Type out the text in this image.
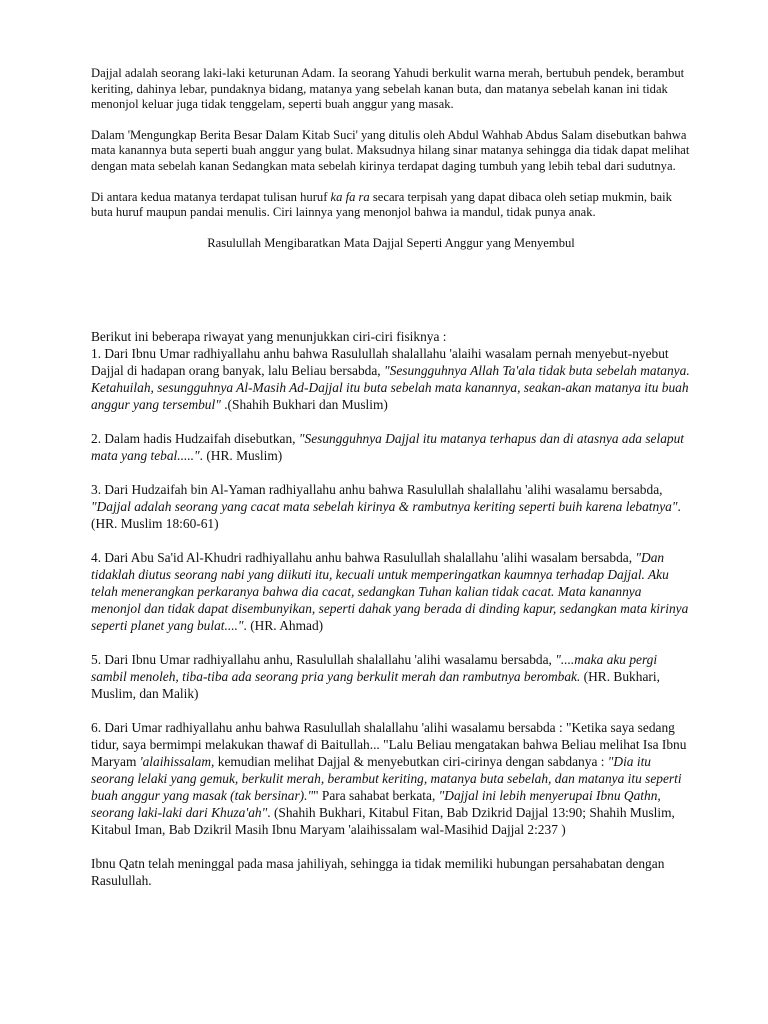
Dajjal adalah seorang laki-laki keturunan Adam. Ia seorang Yahudi berkulit warna merah, bertubuh pendek, berambut keriting, dahinya lebar, pundaknya bidang, matanya yang sebelah kanan buta, dan matanya sebelah kanan ini tidak menonjol keluar juga tidak tenggelam, seperti buah anggur yang masak.

Dalam 'Mengungkap Berita Besar Dalam Kitab Suci' yang ditulis oleh Abdul Wahhab Abdus Salam disebutkan bahwa mata kanannya buta seperti buah anggur yang bulat. Maksudnya hilang sinar matanya sehingga dia tidak dapat melihat dengan mata sebelah kanan Sedangkan mata sebelah kirinya terdapat daging tumbuh yang lebih tebal dari sudutnya.

Di antara kedua matanya terdapat tulisan huruf ka fa ra secara terpisah yang dapat dibaca oleh setiap mukmin, baik buta huruf maupun pandai menulis. Ciri lainnya yang menonjol bahwa ia mandul, tidak punya anak.

Rasulullah Mengibaratkan Mata Dajjal Seperti Anggur yang Menyembul

Berikut ini beberapa riwayat yang menunjukkan ciri-ciri fisiknya :
1. Dari Ibnu Umar radhiyallahu anhu bahwa Rasulullah shalallahu 'alaihi wasalam pernah menyebut-nyebut Dajjal di hadapan orang banyak, lalu Beliau bersabda, "Sesungguhnya Allah Ta'ala tidak buta sebelah matanya. Ketahuilah, sesungguhnya Al-Masih Ad-Dajjal itu buta sebelah mata kanannya, seakan-akan matanya itu buah anggur yang tersembul" .(Shahih Bukhari dan Muslim)

2. Dalam hadis Hudzaifah disebutkan, "Sesungguhnya Dajjal itu matanya terhapus dan di atasnya ada selaput mata yang tebal.....". (HR. Muslim)

3. Dari Hudzaifah bin Al-Yaman radhiyallahu anhu bahwa Rasulullah shalallahu 'alihi wasalamu bersabda, "Dajjal adalah seorang yang cacat mata sebelah kirinya & rambutnya keriting seperti buih karena lebatnya".(HR. Muslim 18:60-61)

4. Dari Abu Sa'id Al-Khudri radhiyallahu anhu bahwa Rasulullah shalallahu 'alihi wasalam bersabda, "Dan tidaklah diutus seorang nabi yang diikuti itu, kecuali untuk memperingatkan kaumnya terhadap Dajjal. Aku telah menerangkan perkaranya bahwa dia cacat, sedangkan Tuhan kalian tidak cacat. Mata kanannya menonjol dan tidak dapat disembunyikan, seperti dahak yang berada di dinding kapur, sedangkan mata kirinya seperti planet yang bulat....". (HR. Ahmad)

5. Dari Ibnu Umar radhiyallahu anhu, Rasulullah shalallahu 'alihi wasalamu bersabda, "....maka aku pergi sambil menoleh, tiba-tiba ada seorang pria yang berkulit merah dan rambutnya berombak. (HR. Bukhari, Muslim, dan Malik)

6. Dari Umar radhiyallahu anhu bahwa Rasulullah shalallahu 'alihi wasalamu bersabda : "Ketika saya sedang tidur, saya bermimpi melakukan thawaf di Baitullah... "Lalu Beliau mengatakan bahwa Beliau melihat Isa Ibnu Maryam 'alaihissalam, kemudian melihat Dajjal & menyebutkan ciri-cirinya dengan sabdanya : "Dia itu seorang lelaki yang gemuk, berkulit merah, berambut keriting, matanya buta sebelah, dan matanya itu seperti buah anggur yang masak (tak bersinar)."" Para sahabat berkata, "Dajjal ini lebih menyerupai Ibnu Qathn, seorang laki-laki dari Khuza'ah". (Shahih Bukhari, Kitabul Fitan, Bab Dzikrid Dajjal 13:90; Shahih Muslim, Kitabul Iman, Bab Dzikril Masih Ibnu Maryam 'alaihissalam wal-Masihid Dajjal 2:237 )

Ibnu Qatn telah meninggal pada masa jahiliyah, sehingga ia tidak memiliki hubungan persahabatan dengan Rasulullah.
